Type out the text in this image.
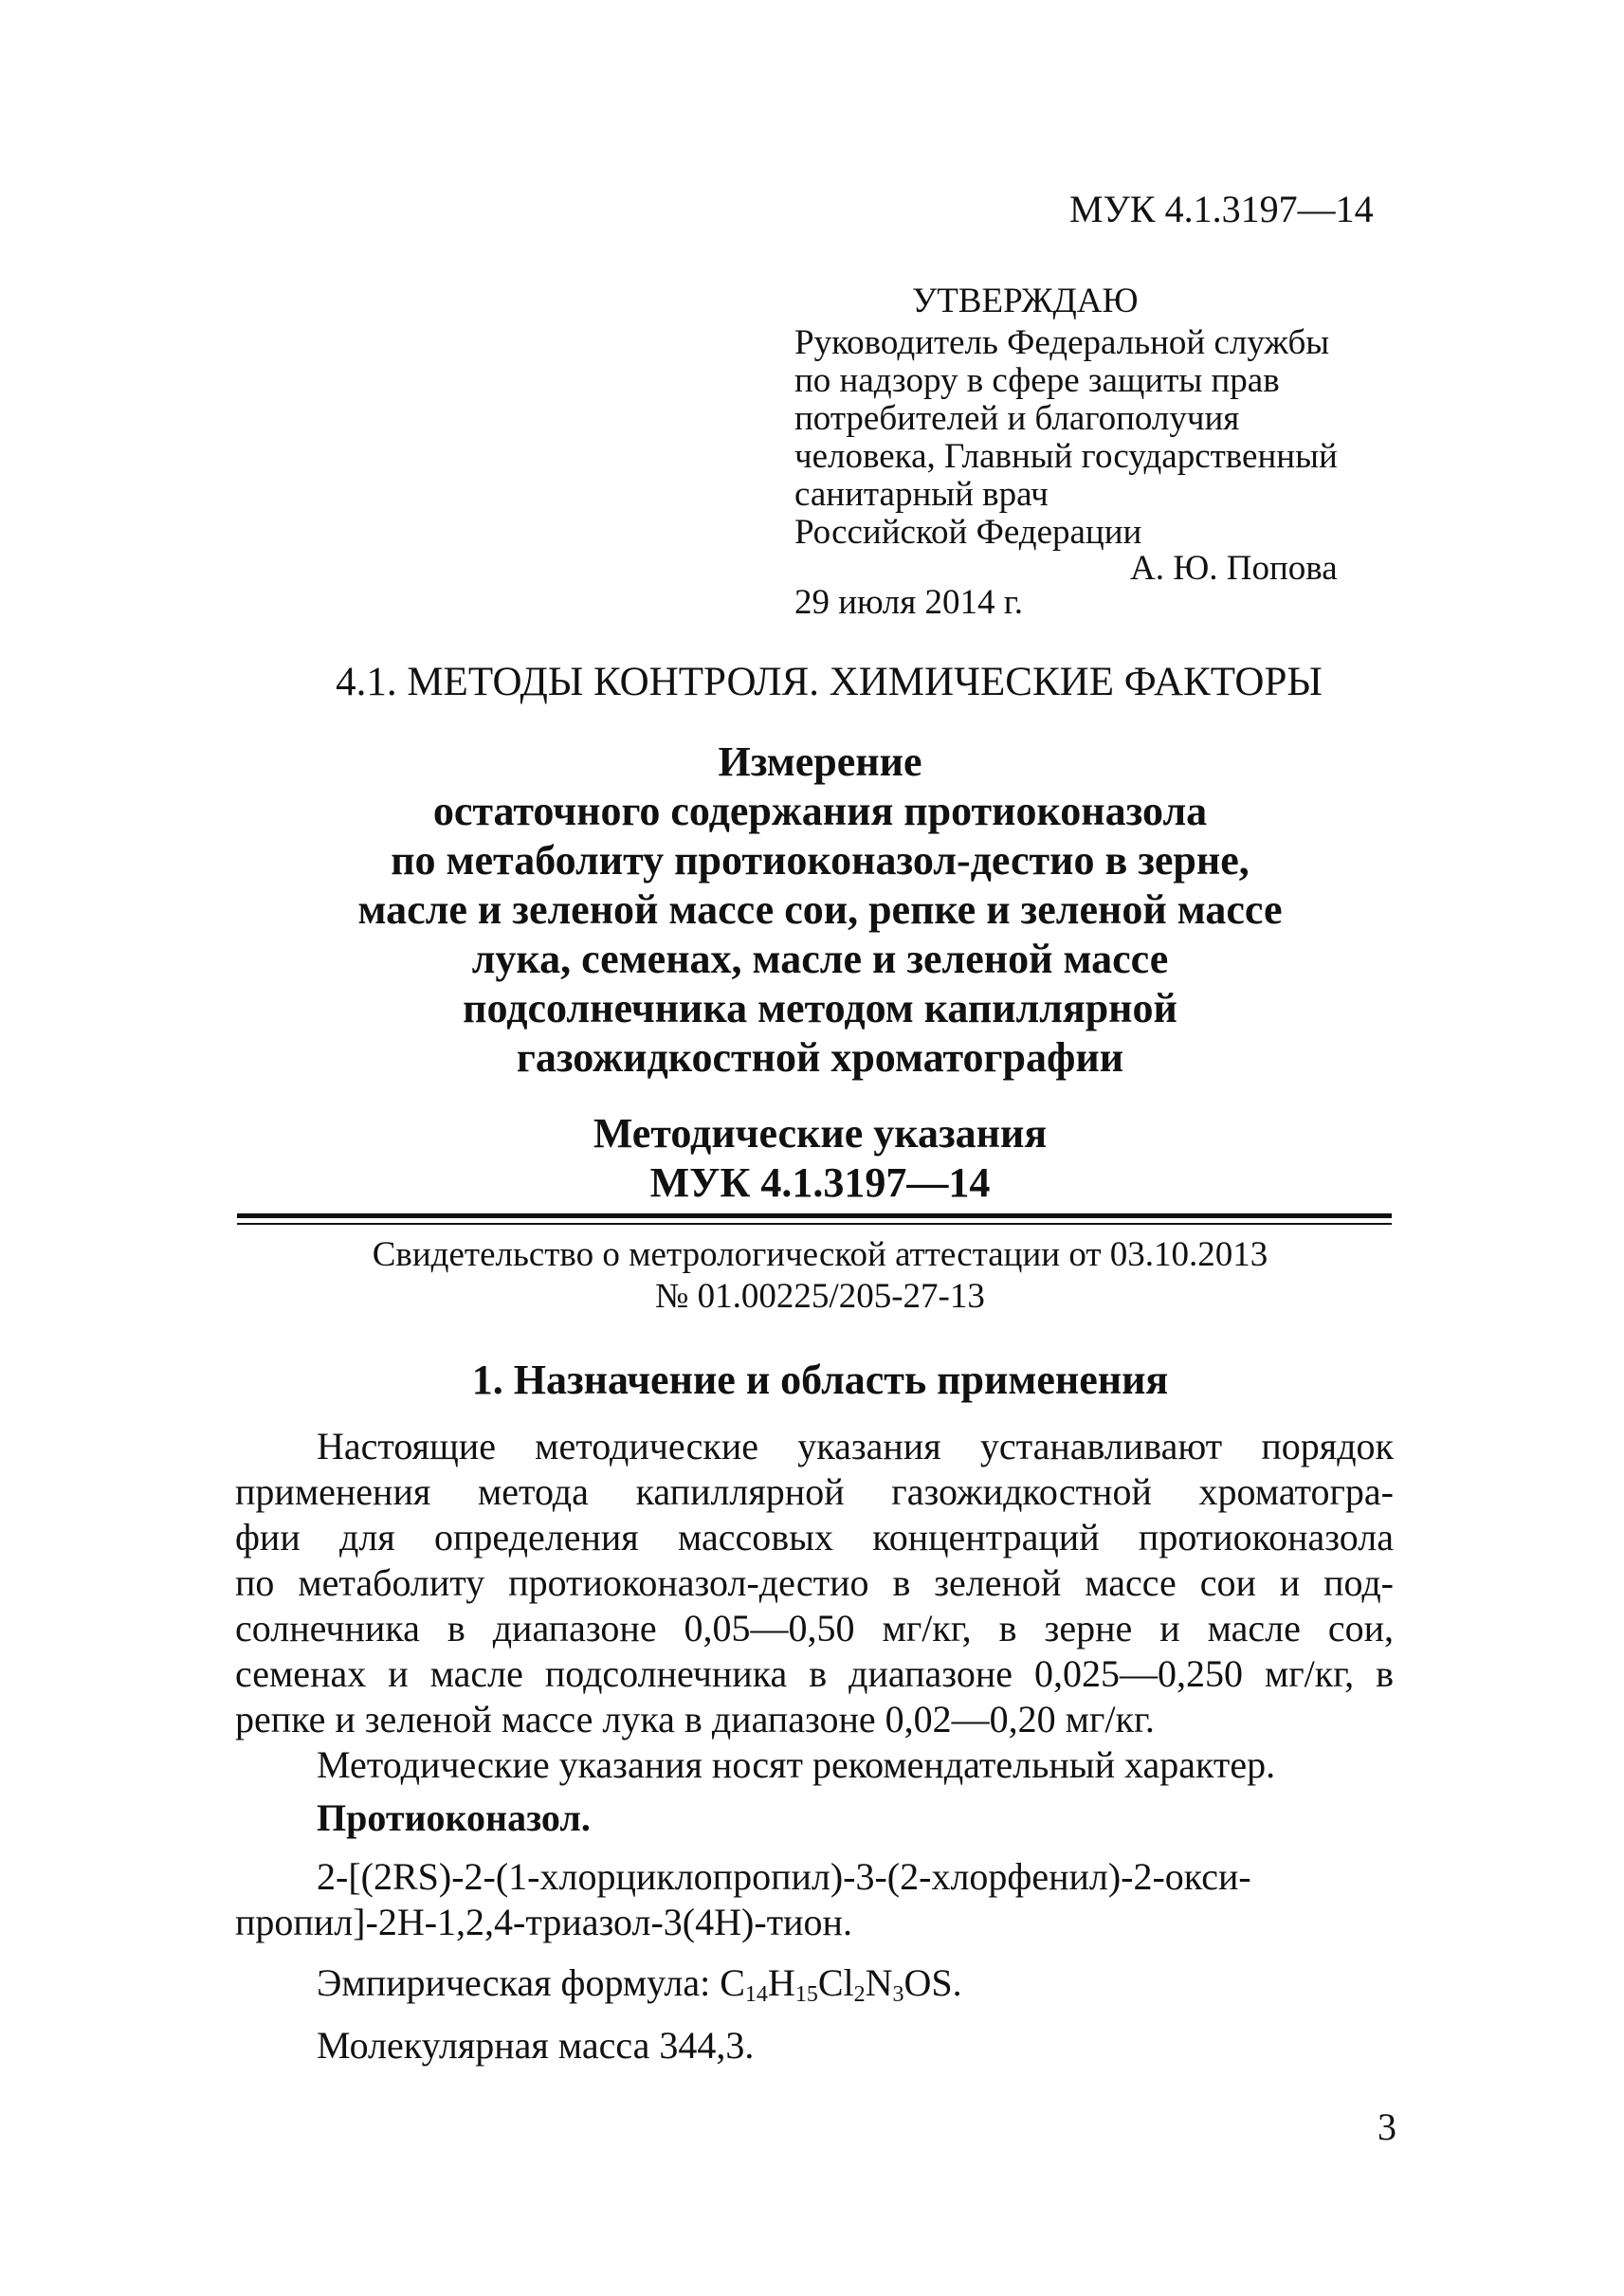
МУК 4.1.3197—14
УТВЕРЖДАЮ
Руководитель Федеральной службы
по надзору в сфере защиты прав
потребителей и благополучия
человека, Главный государственный
санитарный врач
Российской Федерации
А. Ю. Попова
29 июля 2014 г.
4.1. МЕТОДЫ КОНТРОЛЯ. ХИМИЧЕСКИЕ ФАКТОРЫ
Измерение
остаточного содержания протиоконазола
по метаболиту протиоконазол-дестио в зерне,
масле и зеленой массе сои, репке и зеленой массе
лука, семенах, масле и зеленой массе
подсолнечника методом капиллярной
газожидкостной хроматографии
Методические указания
МУК 4.1.3197—14
Свидетельство о метрологической аттестации от 03.10.2013
№ 01.00225/205-27-13
1. Назначение и область применения
Настоящие методические указания устанавливают порядок
применения метода капиллярной газожидкостной хроматогра-
фии для определения массовых концентраций протиоконазола
по метаболиту протиоконазол-дестио в зеленой массе сои и под-
солнечника в диапазоне 0,05—0,50 мг/кг, в зерне и масле сои,
семенах и масле подсолнечника в диапазоне 0,025—0,250 мг/кг, в
репке и зеленой массе лука в диапазоне 0,02—0,20 мг/кг.
Методические указания носят рекомендательный характер.
Протиоконазол.
2-[(2RS)-2-(1-хлорциклопропил)-3-(2-хлорфенил)-2-окси-
пропил]-2H-1,2,4-триазол-3(4H)-тион.
Эмпирическая формула: $C_{14}H_{15}Cl_2N_3OS$.
Молекулярная масса 344,3.
3
